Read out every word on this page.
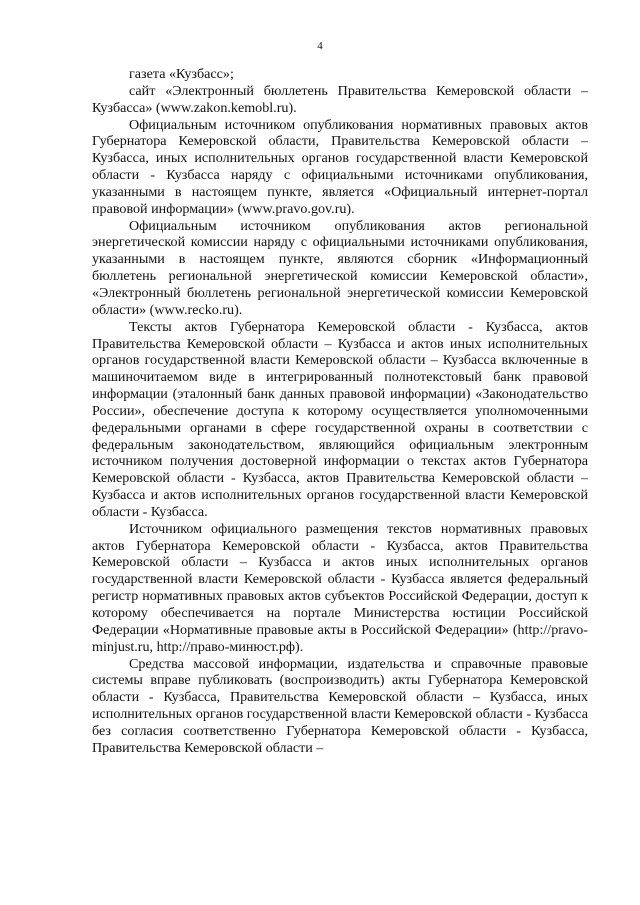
4

газета «Кузбасс»;

сайт «Электронный бюллетень Правительства Кемеровской области – Кузбасса» (www.zakon.kemobl.ru).

Официальным источником опубликования нормативных правовых актов Губернатора Кемеровской области, Правительства Кемеровской области – Кузбасса, иных исполнительных органов государственной власти Кемеровской области - Кузбасса наряду с официальными источниками опубликования, указанными в настоящем пункте, является «Официальный интернет-портал правовой информации» (www.pravo.gov.ru).

Официальным источником опубликования актов региональной энергетической комиссии наряду с официальными источниками опубликования, указанными в настоящем пункте, являются сборник «Информационный бюллетень региональной энергетической комиссии Кемеровской области», «Электронный бюллетень региональной энергетической комиссии Кемеровской области» (www.recko.ru).

Тексты актов Губернатора Кемеровской области - Кузбасса, актов Правительства Кемеровской области – Кузбасса и актов иных исполнительных органов государственной власти Кемеровской области – Кузбасса включенные в машиночитаемом виде в интегрированный полнотекстовый банк правовой информации (эталонный банк данных правовой информации) «Законодательство России», обеспечение доступа к которому осуществляется уполномоченными федеральными органами в сфере государственной охраны в соответствии с федеральным законодательством, являющийся официальным электронным источником получения достоверной информации о текстах актов Губернатора Кемеровской области - Кузбасса, актов Правительства Кемеровской области – Кузбасса и актов исполнительных органов государственной власти Кемеровской области - Кузбасса.

Источником официального размещения текстов нормативных правовых актов Губернатора Кемеровской области - Кузбасса, актов Правительства Кемеровской области – Кузбасса и актов иных исполнительных органов государственной власти Кемеровской области - Кузбасса является федеральный регистр нормативных правовых актов субъектов Российской Федерации, доступ к которому обеспечивается на портале Министерства юстиции Российской Федерации «Нормативные правовые акты в Российской Федерации» (http://pravo-minjust.ru, http://право-минюст.рф).

Средства массовой информации, издательства и справочные правовые системы вправе публиковать (воспроизводить) акты Губернатора Кемеровской области - Кузбасса, Правительства Кемеровской области – Кузбасса, иных исполнительных органов государственной власти Кемеровской области - Кузбасса без согласия соответственно Губернатора Кемеровской области - Кузбасса, Правительства Кемеровской области –
